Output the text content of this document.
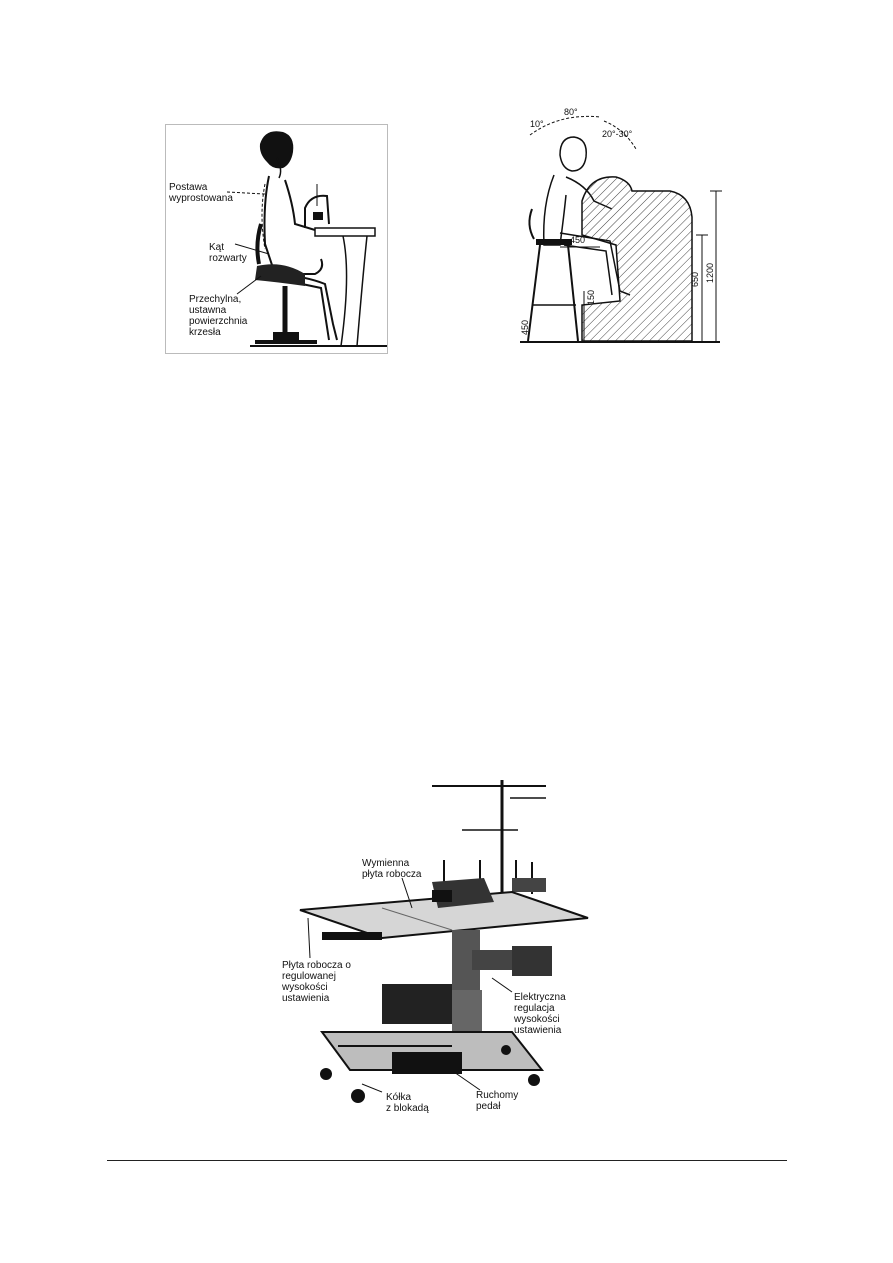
Postawa
wyprostowana
Kąt
rozwarty
Przechylna,
ustawna
powierzchnia
krzesła
10°
80°
20°-30°
450
1200
650
150
450
Wymienna
płyta robocza
Płyta robocza o
regulowanej
wysokości
ustawienia	Elektryczna
regulacja
wysokości
ustawienia
Kółka
z blokadą
Ruchomy
pedał
